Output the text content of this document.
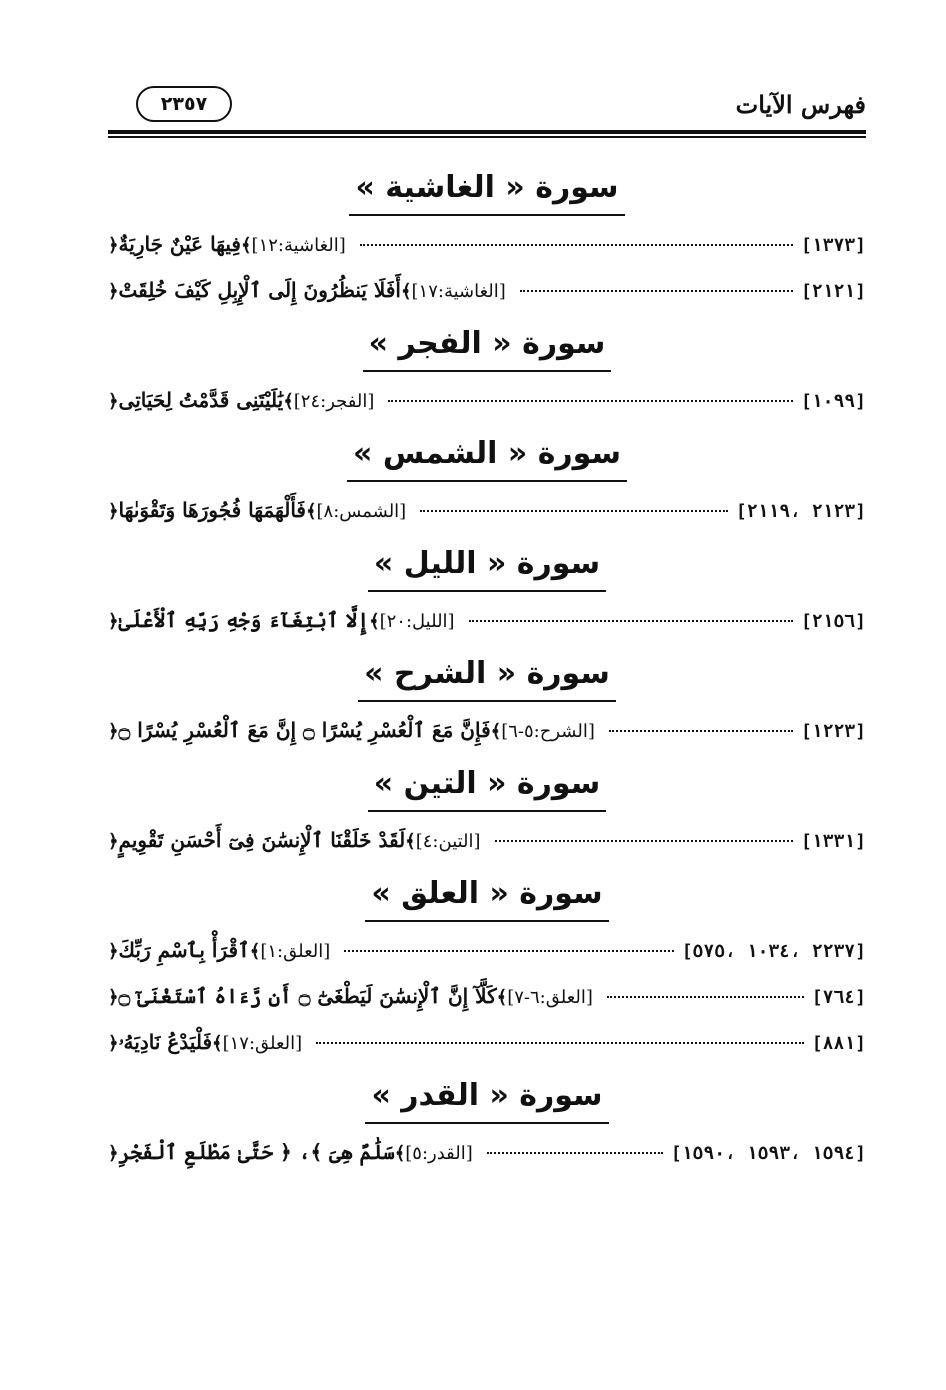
فهرس الآيات
٢٣٥٧
سورة « الغاشية »
﴿ فِيهَا عَيْنٌ جَارِيَةٌ ﴾ [الغاشية:١٢]	[١٣٧٣]
﴿ أَفَلَا يَنظُرُونَ إِلَى ٱلْإِبِلِ كَيْفَ خُلِقَتْ ﴾ [الغاشية:١٧]	[٢١٢١]
سورة « الفجر »
﴿ يَٰلَيْتَنِى قَدَّمْتُ لِحَيَاتِى ﴾ [الفجر:٢٤]	[١٠٩٩]
سورة « الشمس »
﴿ فَأَلْهَمَهَا فُجُورَهَا وَتَقْوَىٰهَا ﴾ [الشمس:٨]	[٢١٢٣ ،٢١١٩]
سورة « الليل »
﴿ إِلَّا ٱبْتِغَآءَ وَجْهِ رَبِّهِ ٱلْأَعْلَىٰ ﴾ [الليل:٢٠]	[٢١٥٦]
سورة « الشرح »
﴿ فَإِنَّ مَعَ ٱلْعُسْرِ يُسْرًا ۝ إِنَّ مَعَ ٱلْعُسْرِ يُسْرًا ۝ ﴾ [الشرح:٥-٦]	[١٢٢٣]
سورة « التين »
﴿ لَقَدْ خَلَقْنَا ٱلْإِنسَٰنَ فِىٓ أَحْسَنِ تَقْوِيمٍ ﴾ [التين:٤]	[١٣٣١]
سورة « العلق »
﴿ ٱقْرَأْ بِٱسْمِ رَبِّكَ ﴾ [العلق:١]	[٢٢٣٧ ،١٠٣٤ ،٥٧٥]
﴿ كَلَّآ إِنَّ ٱلْإِنسَٰنَ لَيَطْغَىٰٓ ۝ أَن رَّءَاهُ ٱسْتَغْنَىٰٓ ۝ ﴾ [العلق:٦-٧]	[٧٦٤]
﴿ فَلْيَدْعُ نَادِيَهُۥ ﴾ [العلق:١٧]	[٨٨١]
سورة « القدر »
﴿ سَلَٰمٌ هِىَ ﴾، ﴿ حَتَّىٰ مَطْلَعِ ٱلْفَجْرِ ﴾ [القدر:٥]	[١٥٩٤ ،١٥٩٣ ،١٥٩٠]
